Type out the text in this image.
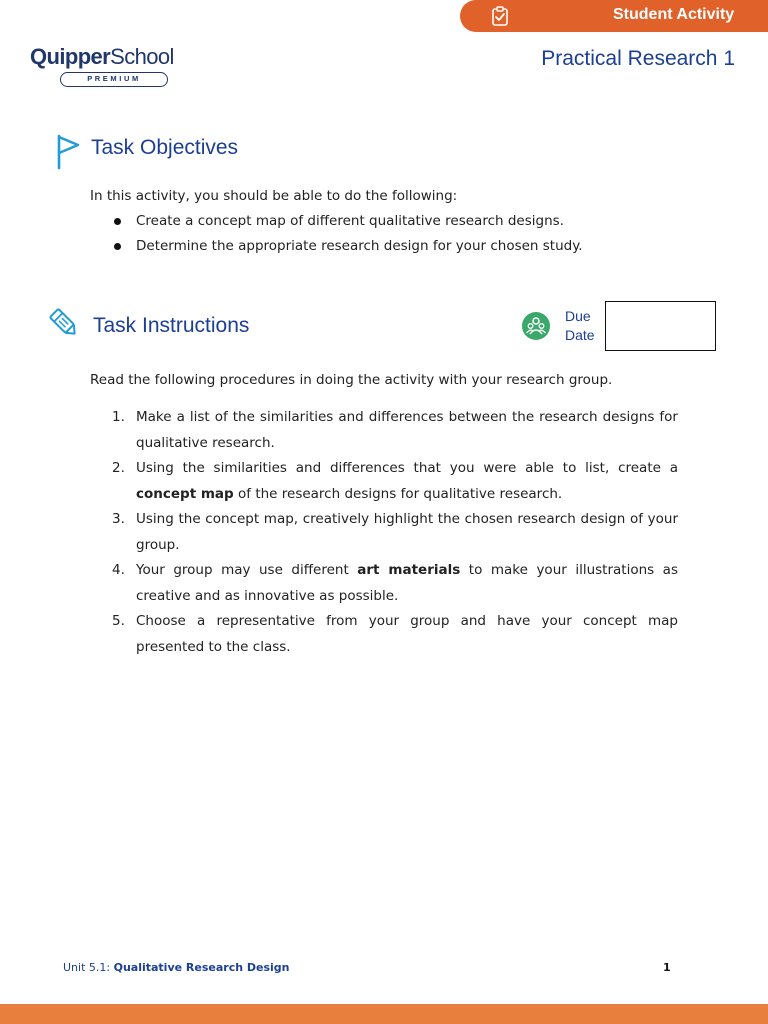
Student Activity
QuipperSchool
PREMIUM
Practical Research 1
Task Objectives
In this activity, you should be able to do the following:
Create a concept map of different qualitative research designs.
Determine the appropriate research design for your chosen study.
Task Instructions	Due
Date
Read the following procedures in doing the activity with your research group.
1. Make a list of the similarities and differences between the research designs for qualitative research.
2. Using the similarities and differences that you were able to list, create a concept map of the research designs for qualitative research.
3. Using the concept map, creatively highlight the chosen research design of your group.
4. Your group may use different art materials to make your illustrations as creative and as innovative as possible.
5. Choose a representative from your group and have your concept map presented to the class.
Unit 5.1: Qualitative Research Design	1
